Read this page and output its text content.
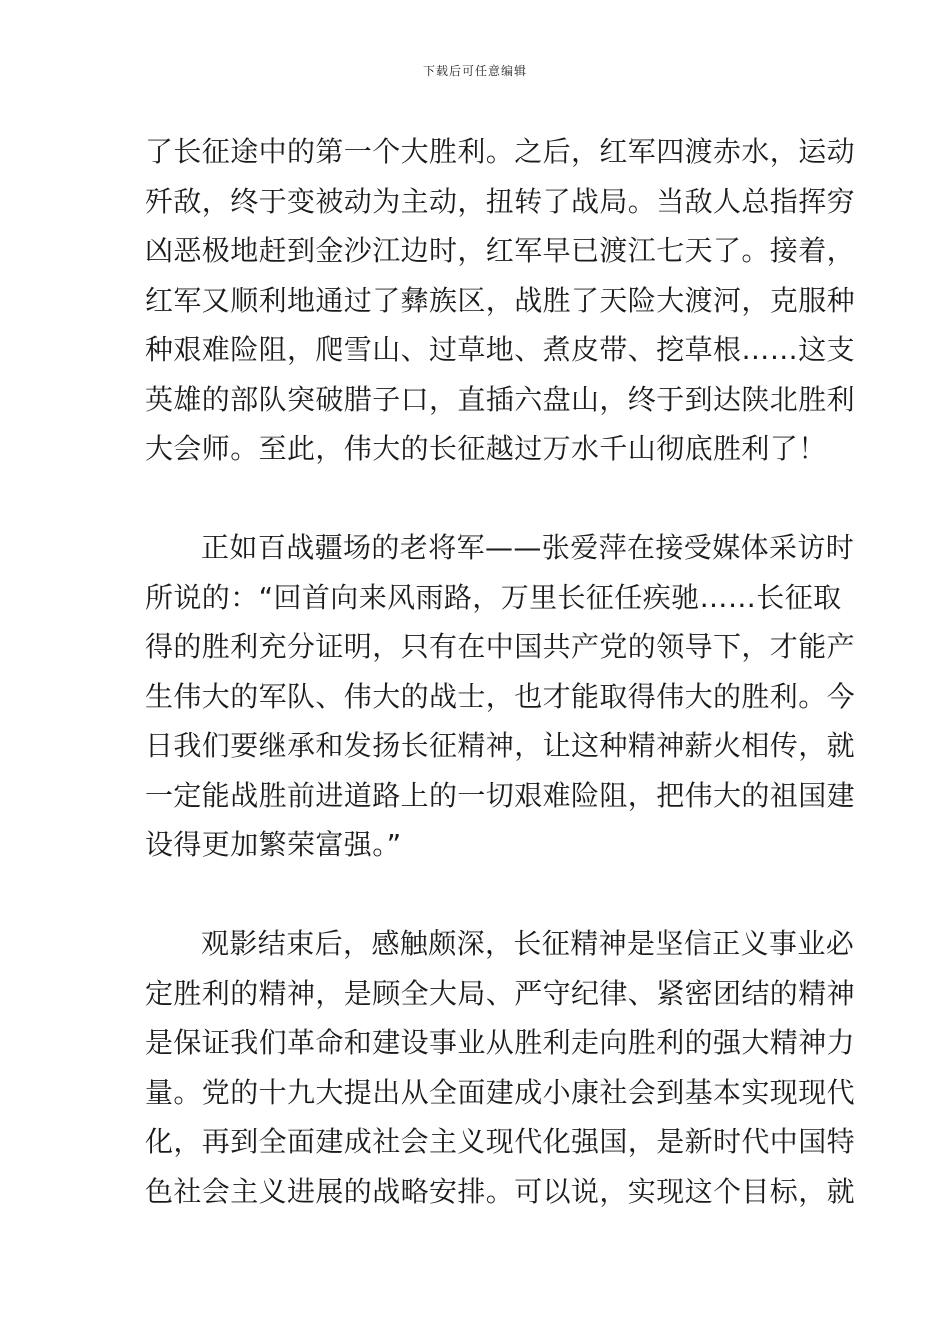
下载后可任意编辑
了长征途中的第一个大胜利。之后，红军四渡赤水，运动
歼敌，终于变被动为主动，扭转了战局。当敌人总指挥穷
凶恶极地赶到金沙江边时，红军早已渡江七天了。接着，
红军又顺利地通过了彝族区，战胜了天险大渡河，克服种
种艰难险阻，爬雪山、过草地、煮皮带、挖草根……这支
英雄的部队突破腊子口，直插六盘山，终于到达陕北胜利
大会师。至此，伟大的长征越过万水千山彻底胜利了！
正如百战疆场的老将军——张爱萍在接受媒体采访时
所说的：“回首向来风雨路，万里长征任疾驰……长征取
得的胜利充分证明，只有在中国共产党的领导下，才能产
生伟大的军队、伟大的战士，也才能取得伟大的胜利。今
日我们要继承和发扬长征精神，让这种精神薪火相传，就
一定能战胜前进道路上的一切艰难险阻，把伟大的祖国建
设得更加繁荣富强。”
观影结束后，感触颇深，长征精神是坚信正义事业必
定胜利的精神，是顾全大局、严守纪律、紧密团结的精神
是保证我们革命和建设事业从胜利走向胜利的强大精神力
量。党的十九大提出从全面建成小康社会到基本实现现代
化，再到全面建成社会主义现代化强国，是新时代中国特
色社会主义进展的战略安排。可以说，实现这个目标，就
